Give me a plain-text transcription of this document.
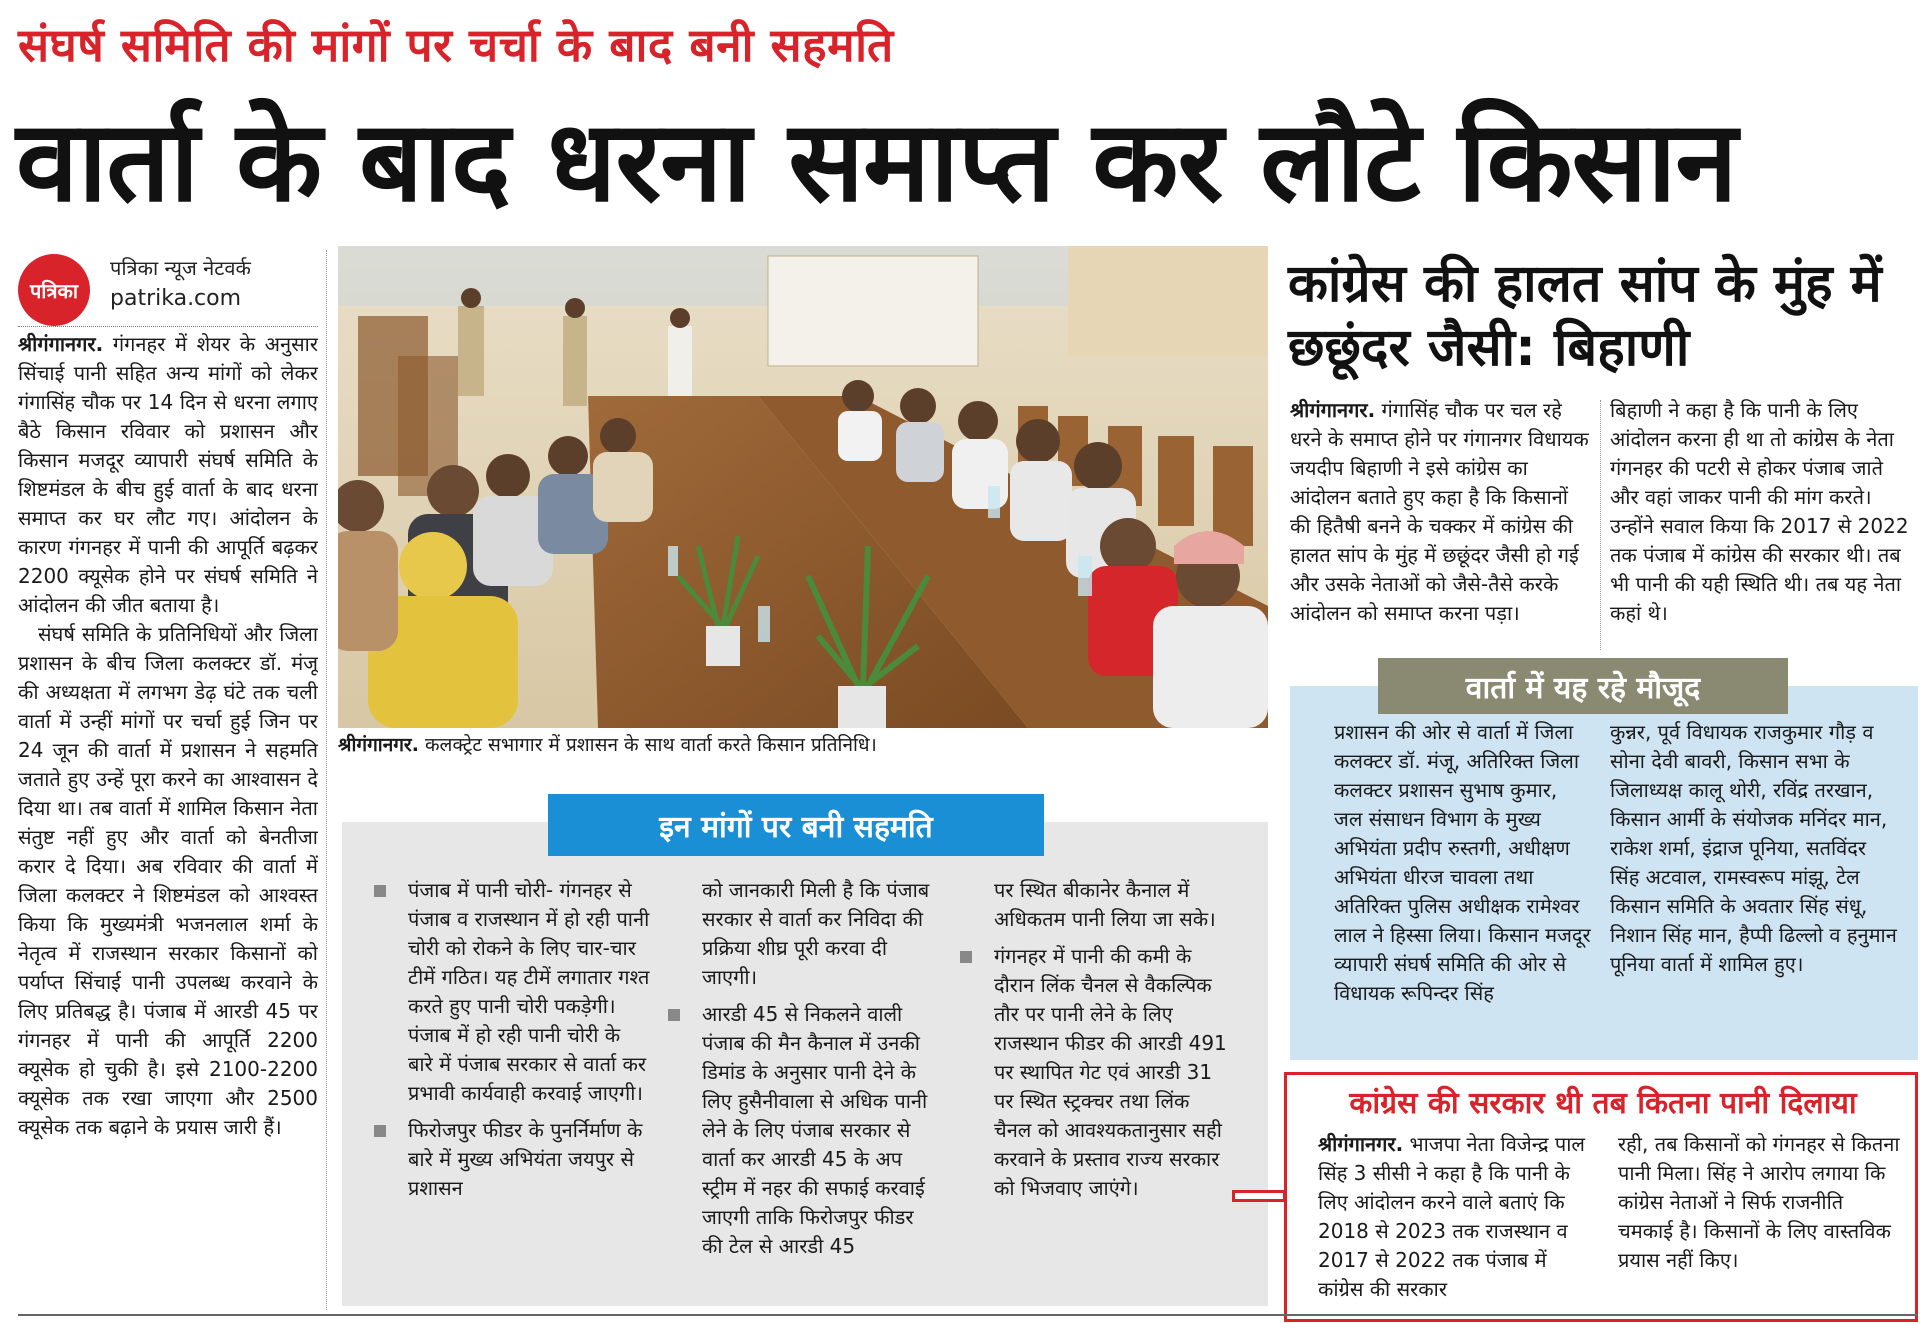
संघर्ष समिति की मांगों पर चर्चा के बाद बनी सहमति
वार्ता के बाद धरना समाप्त कर लौटे किसान
पत्रिका
पत्रिका न्यूज नेटवर्क
patrika.com

श्रीगंगानगर. गंगनहर में शेयर के अनुसार सिंचाई पानी सहित अन्य मांगों को लेकर गंगासिंह चौक पर 14 दिन से धरना लगाए बैठे किसान रविवार को प्रशासन और किसान मजदूर व्यापारी संघर्ष समिति के शिष्टमंडल के बीच हुई वार्ता के बाद धरना समाप्त कर घर लौट गए। आंदोलन के कारण गंगनहर में पानी की आपूर्ति बढ़कर 2200 क्यूसेक होने पर संघर्ष समिति ने आंदोलन की जीत बताया है।

संघर्ष समिति के प्रतिनिधियों और जिला प्रशासन के बीच जिला कलक्टर डॉ. मंजू की अध्यक्षता में लगभग डेढ़ घंटे तक चली वार्ता में उन्हीं मांगों पर चर्चा हुई जिन पर 24 जून की वार्ता में प्रशासन ने सहमति जताते हुए उन्हें पूरा करने का आश्वासन दे दिया था। तब वार्ता में शामिल किसान नेता संतुष्ट नहीं हुए और वार्ता को बेनतीजा करार दे दिया। अब रविवार की वार्ता में जिला कलक्टर ने शिष्टमंडल को आश्वस्त किया कि मुख्यमंत्री भजनलाल शर्मा के नेतृत्व में राजस्थान सरकार किसानों को पर्याप्त सिंचाई पानी उपलब्ध करवाने के लिए प्रतिबद्ध है। पंजाब में आरडी 45 पर गंगनहर में पानी की आपूर्ति 2200 क्यूसेक हो चुकी है। इसे 2100-2200 क्यूसेक तक रखा जाएगा और 2500 क्यूसेक तक बढ़ाने के प्रयास जारी हैं।

श्रीगंगानगर. कलक्ट्रेट सभागार में प्रशासन के साथ वार्ता करते किसान प्रतिनिधि।
इन मांगों पर बनी सहमति
पंजाब में पानी चोरी- गंगनहर से पंजाब व राजस्थान में हो रही पानी चोरी को रोकने के लिए चार-चार टीमें गठित। यह टीमें लगातार गश्त करते हुए पानी चोरी पकड़ेगी। पंजाब में हो रही पानी चोरी के बारे में पंजाब सरकार से वार्ता कर प्रभावी कार्यवाही करवाई जाएगी।
फिरोजपुर फीडर के पुनर्निर्माण के बारे में मुख्य अभियंता जयपुर से प्रशासन
को जानकारी मिली है कि पंजाब सरकार से वार्ता कर निविदा की प्रक्रिया शीघ्र पूरी करवा दी जाएगी।
आरडी 45 से निकलने वाली पंजाब की मैन कैनाल में उनकी डिमांड के अनुसार पानी देने के लिए हुसैनीवाला से अधिक पानी लेने के लिए पंजाब सरकार से वार्ता कर आरडी 45 के अप स्ट्रीम में नहर की सफाई करवाई जाएगी ताकि फिरोजपुर फीडर की टेल से आरडी 45
पर स्थित बीकानेर कैनाल में अधिकतम पानी लिया जा सके।
गंगनहर में पानी की कमी के दौरान लिंक चैनल से वैकल्पिक तौर पर पानी लेने के लिए राजस्थान फीडर की आरडी 491 पर स्थापित गेट एवं आरडी 31 पर स्थित स्ट्रक्चर तथा लिंक चैनल को आवश्यकतानुसार सही करवाने के प्रस्ताव राज्य सरकार को भिजवाए जाएंगे।
कांग्रेस की हालत सांप के मुंह में छछूंदर जैसी: बिहाणी
श्रीगंगानगर. गंगासिंह चौक पर चल रहे धरने के समाप्त होने पर गंगानगर विधायक जयदीप बिहाणी ने इसे कांग्रेस का आंदोलन बताते हुए कहा है कि किसानों की हितैषी बनने के चक्कर में कांग्रेस की हालत सांप के मुंह में छछूंदर जैसी हो गई और उसके नेताओं को जैसे-तैसे करके आंदोलन को समाप्त करना पड़ा।
बिहाणी ने कहा है कि पानी के लिए आंदोलन करना ही था तो कांग्रेस के नेता गंगनहर की पटरी से होकर पंजाब जाते और वहां जाकर पानी की मांग करते। उन्होंने सवाल किया कि 2017 से 2022 तक पंजाब में कांग्रेस की सरकार थी। तब भी पानी की यही स्थिति थी। तब यह नेता कहां थे।
वार्ता में यह रहे मौजूद
प्रशासन की ओर से वार्ता में जिला कलक्टर डॉ. मंजू, अतिरिक्त जिला कलक्टर प्रशासन सुभाष कुमार, जल संसाधन विभाग के मुख्य अभियंता प्रदीप रुस्तगी, अधीक्षण अभियंता धीरज चावला तथा अतिरिक्त पुलिस अधीक्षक रामेश्वर लाल ने हिस्सा लिया। किसान मजदूर व्यापारी संघर्ष समिति की ओर से विधायक रूपिन्दर सिंह
कुन्नर, पूर्व विधायक राजकुमार गौड़ व सोना देवी बावरी, किसान सभा के जिलाध्यक्ष कालू थोरी, रविंद्र तरखान, किसान आर्मी के संयोजक मनिंदर मान, राकेश शर्मा, इंद्राज पूनिया, सतविंदर सिंह अटवाल, रामस्वरूप मांझू, टेल किसान समिति के अवतार सिंह संधू, निशान सिंह मान, हैप्पी ढिल्लो व हनुमान पूनिया वार्ता में शामिल हुए।
कांग्रेस की सरकार थी तब कितना पानी दिलाया
श्रीगंगानगर. भाजपा नेता विजेन्द्र पाल सिंह 3 सीसी ने कहा है कि पानी के लिए आंदोलन करने वाले बताएं कि 2018 से 2023 तक राजस्थान व 2017 से 2022 तक पंजाब में कांग्रेस की सरकार
रही, तब किसानों को गंगनहर से कितना पानी मिला। सिंह ने आरोप लगाया कि कांग्रेस नेताओं ने सिर्फ राजनीति चमकाई है। किसानों के लिए वास्तविक प्रयास नहीं किए।
